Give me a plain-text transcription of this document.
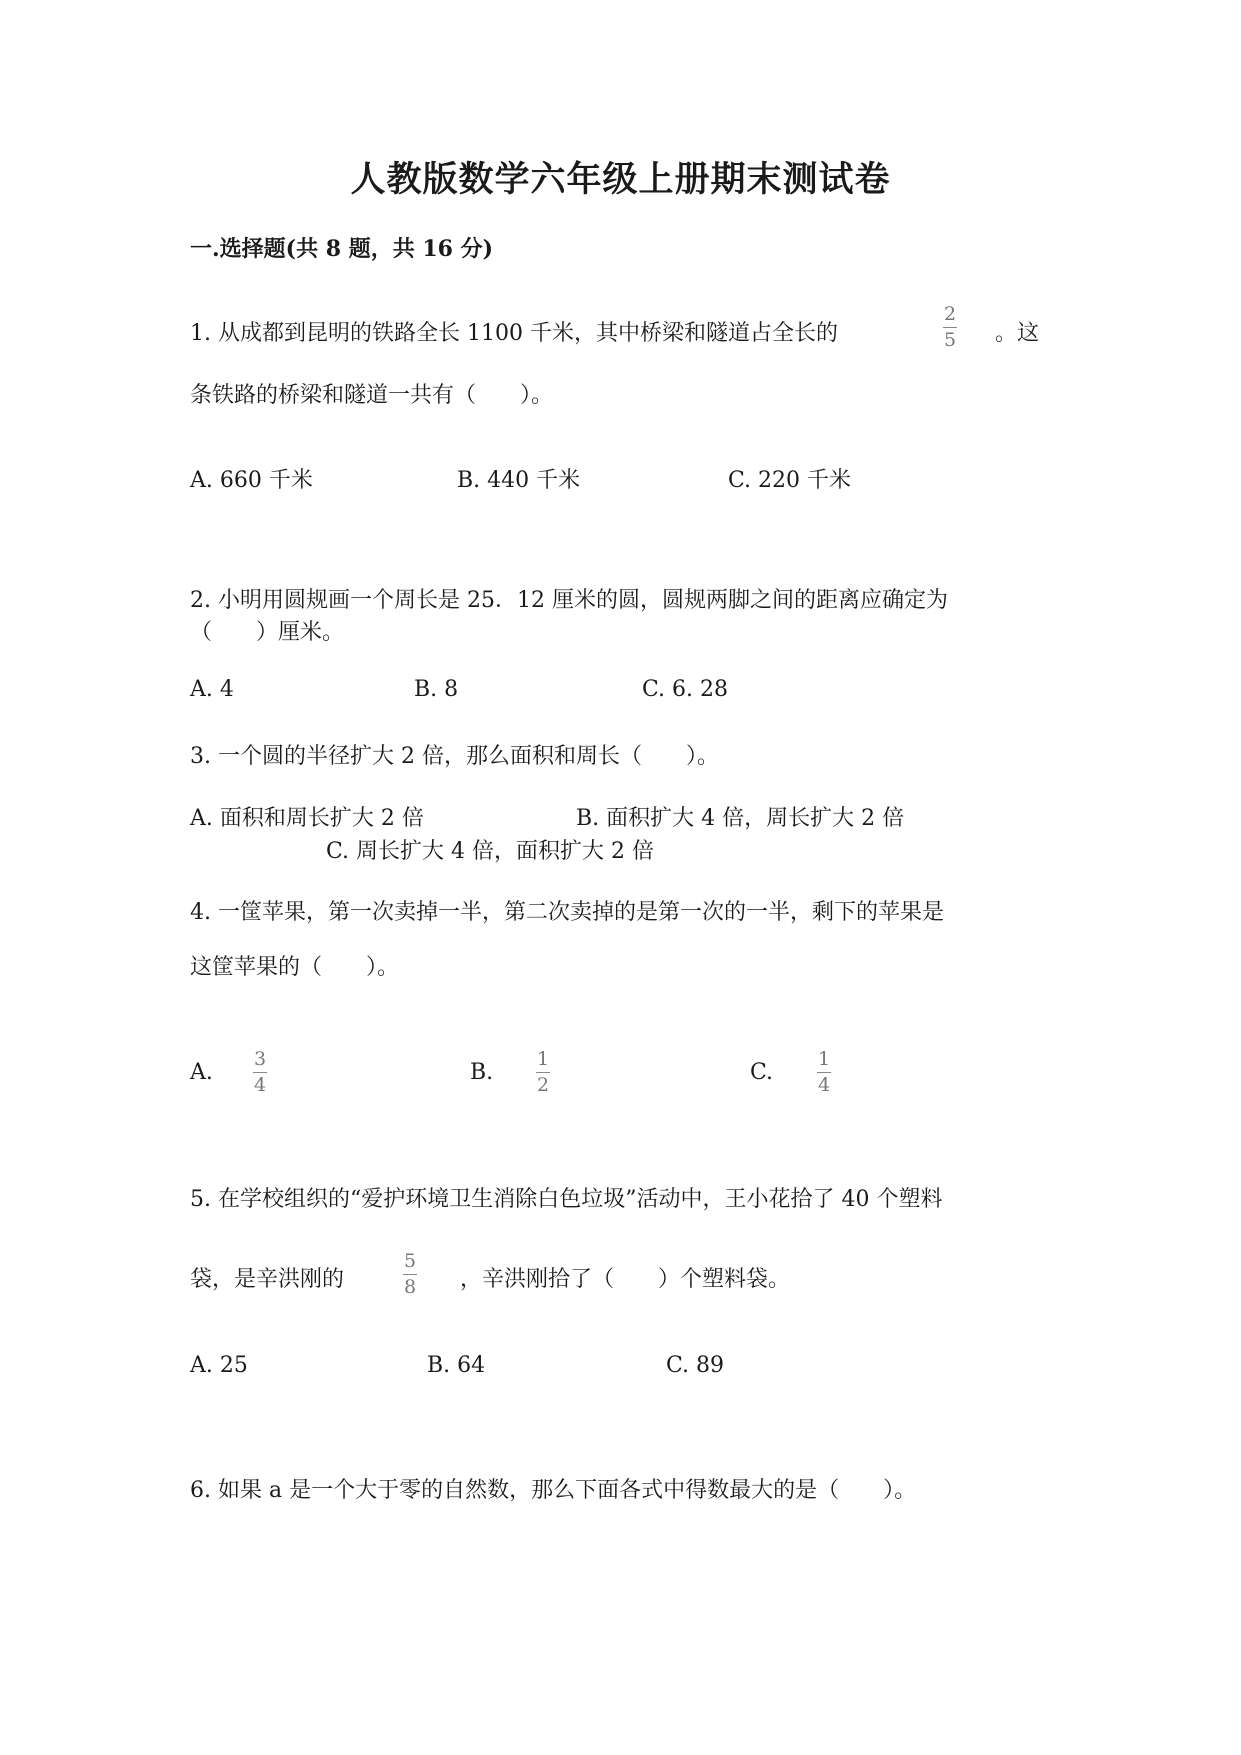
人教版数学六年级上册期末测试卷
一.选择题(共 8 题，共 16 分)
1. 从成都到昆明的铁路全长 1100 千米，其中桥梁和隧道占全长的
2
5 。这
条铁路的桥梁和隧道一共有（　　）。
A. 660 千米	B. 440 千米	C. 220 千米
2. 小明用圆规画一个周长是 25．12 厘米的圆，圆规两脚之间的距离应确定为
（　　）厘米。
A. 4	B. 8	C. 6. 28
3. 一个圆的半径扩大 2 倍，那么面积和周长（　　）。
A. 面积和周长扩大 2 倍	B. 面积扩大 4 倍，周长扩大 2 倍
C. 周长扩大 4 倍，面积扩大 2 倍
4. 一筐苹果，第一次卖掉一半，第二次卖掉的是第一次的一半，剩下的苹果是
这筐苹果的（　　）。
A.
3
4	B.
1
2	C.
1
4
5. 在学校组织的“爱护环境卫生消除白色垃圾”活动中，王小花拾了 40 个塑料
袋，是辛洪刚的
5
8 ，辛洪刚拾了（　　）个塑料袋。
A. 25	B. 64	C. 89
6. 如果 a 是一个大于零的自然数，那么下面各式中得数最大的是（　　）。
